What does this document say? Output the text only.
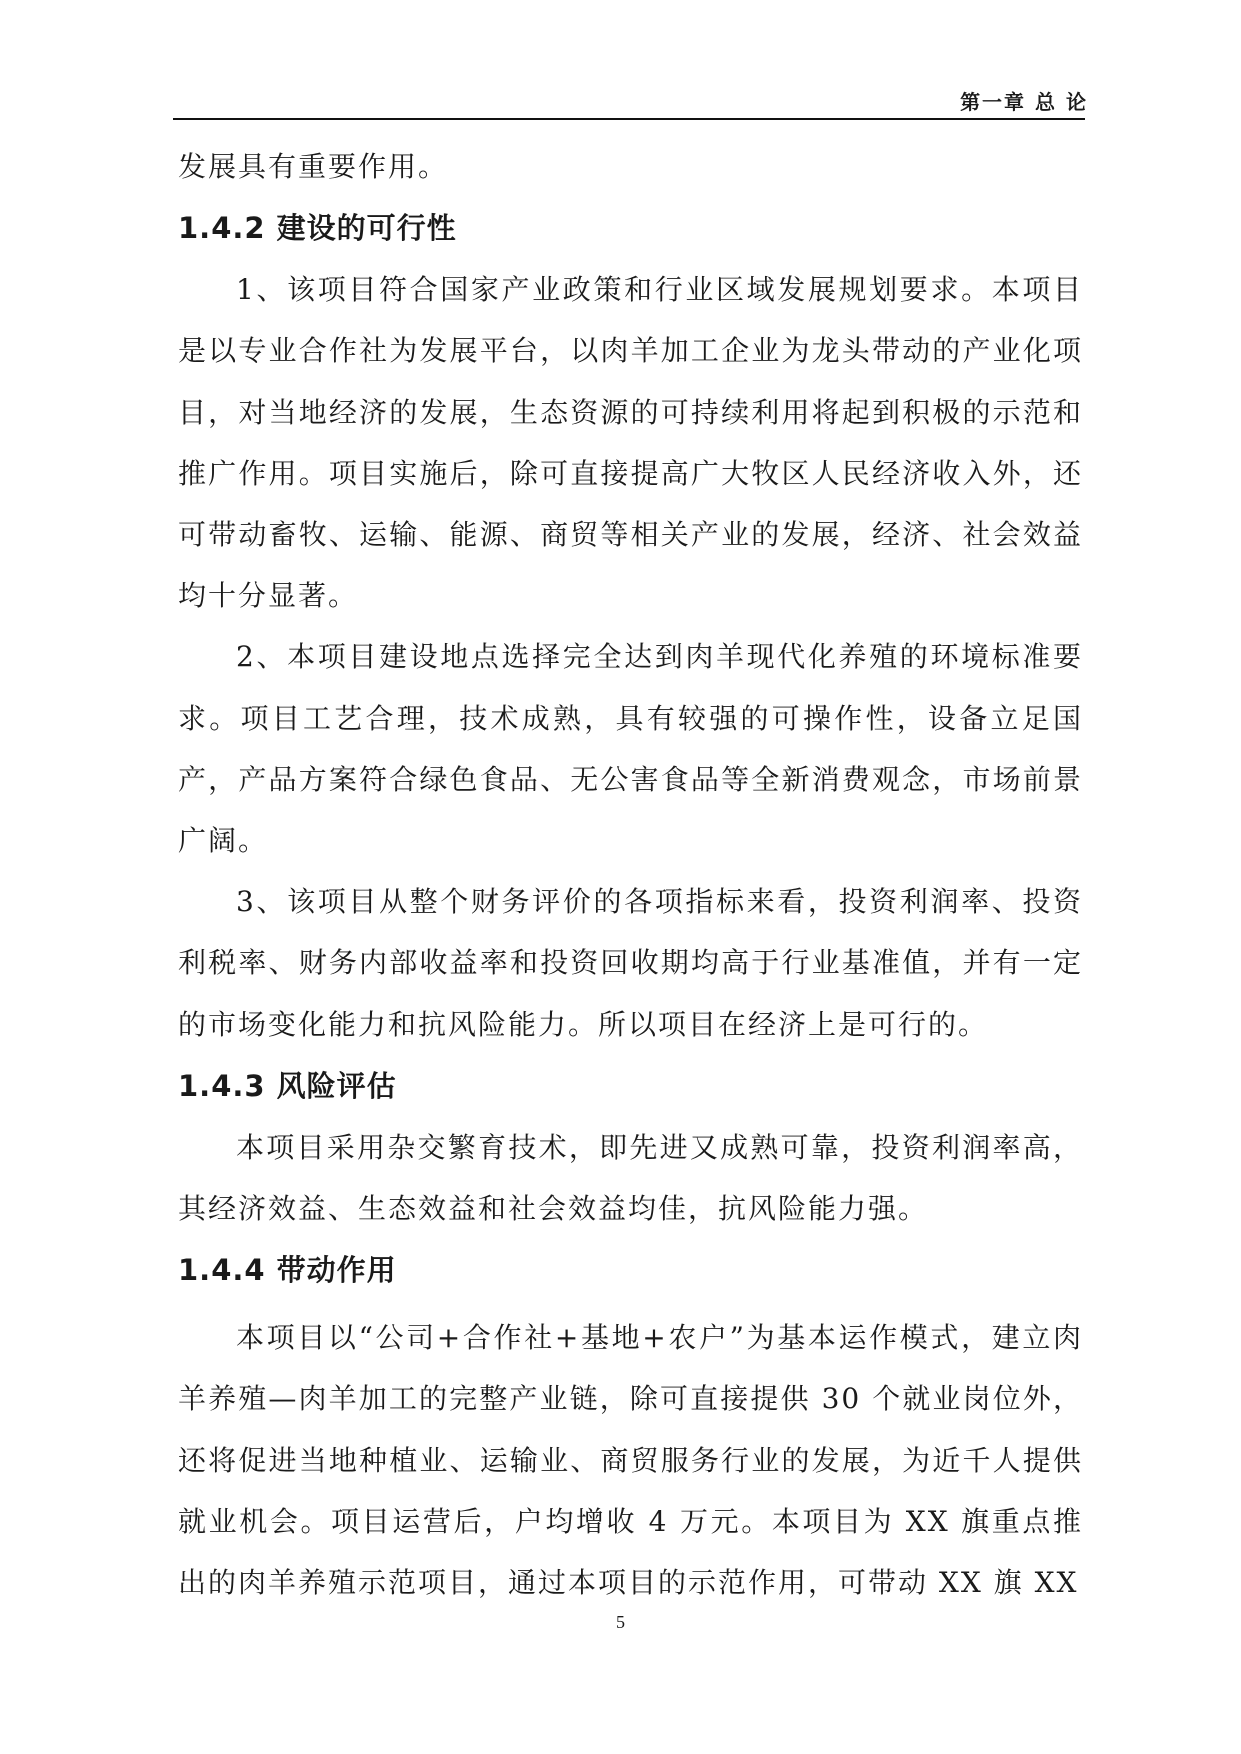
第一章 总 论

发展具有重要作用。

1.4.2 建设的可行性

1、该项目符合国家产业政策和行业区域发展规划要求。本项目是以专业合作社为发展平台，以肉羊加工企业为龙头带动的产业化项目，对当地经济的发展，生态资源的可持续利用将起到积极的示范和推广作用。项目实施后，除可直接提高广大牧区人民经济收入外，还可带动畜牧、运输、能源、商贸等相关产业的发展，经济、社会效益均十分显著。

2、本项目建设地点选择完全达到肉羊现代化养殖的环境标准要求。项目工艺合理，技术成熟，具有较强的可操作性，设备立足国产，产品方案符合绿色食品、无公害食品等全新消费观念，市场前景广阔。

3、该项目从整个财务评价的各项指标来看，投资利润率、投资利税率、财务内部收益率和投资回收期均高于行业基准值，并有一定的市场变化能力和抗风险能力。所以项目在经济上是可行的。

1.4.3 风险评估

本项目采用杂交繁育技术，即先进又成熟可靠，投资利润率高，其经济效益、生态效益和社会效益均佳，抗风险能力强。

1.4.4 带动作用

本项目以“公司+合作社+基地+农户”为基本运作模式，建立肉羊养殖—肉羊加工的完整产业链，除可直接提供 30 个就业岗位外，还将促进当地种植业、运输业、商贸服务行业的发展，为近千人提供就业机会。项目运营后，户均增收 4 万元。本项目为 XX 旗重点推出的肉羊养殖示范项目，通过本项目的示范作用，可带动 XX 旗 XX

5
